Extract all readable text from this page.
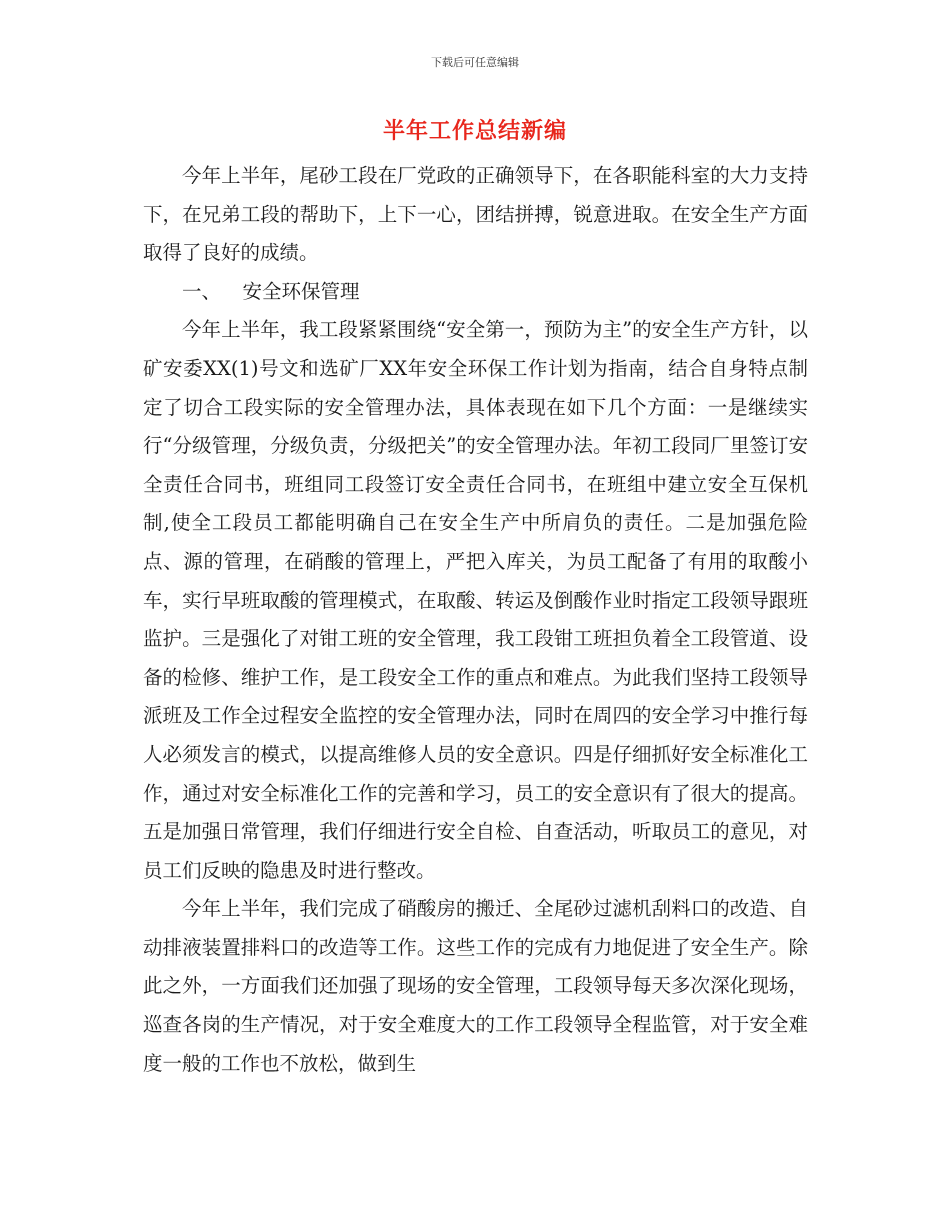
下载后可任意编辑
半年工作总结新编

今年上半年，尾砂工段在厂党政的正确领导下，在各职能科室的大力支持下，在兄弟工段的帮助下，上下一心，团结拼搏，锐意进取。在安全生产方面取得了良好的成绩。

一、 安全环保管理

今年上半年，我工段紧紧围绕“安全第一，预防为主”的安全生产方针，以矿安委XX(1)号文和选矿厂XX年安全环保工作计划为指南，结合自身特点制定了切合工段实际的安全管理办法，具体表现在如下几个方面：一是继续实行“分级管理，分级负责，分级把关”的安全管理办法。年初工段同厂里签订安全责任合同书，班组同工段签订安全责任合同书，在班组中建立安全互保机制,使全工段员工都能明确自己在安全生产中所肩负的责任。二是加强危险点、源的管理，在硝酸的管理上，严把入库关，为员工配备了有用的取酸小车，实行早班取酸的管理模式，在取酸、转运及倒酸作业时指定工段领导跟班监护。三是强化了对钳工班的安全管理，我工段钳工班担负着全工段管道、设备的检修、维护工作，是工段安全工作的重点和难点。为此我们坚持工段领导派班及工作全过程安全监控的安全管理办法，同时在周四的安全学习中推行每人必须发言的模式，以提高维修人员的安全意识。四是仔细抓好安全标准化工作，通过对安全标准化工作的完善和学习，员工的安全意识有了很大的提高。五是加强日常管理，我们仔细进行安全自检、自查活动，听取员工的意见，对员工们反映的隐患及时进行整改。

今年上半年，我们完成了硝酸房的搬迁、全尾砂过滤机刮料口的改造、自动排液装置排料口的改造等工作。这些工作的完成有力地促进了安全生产。除此之外，一方面我们还加强了现场的安全管理，工段领导每天多次深化现场，巡查各岗的生产情况，对于安全难度大的工作工段领导全程监管，对于安全难度一般的工作也不放松，做到生
